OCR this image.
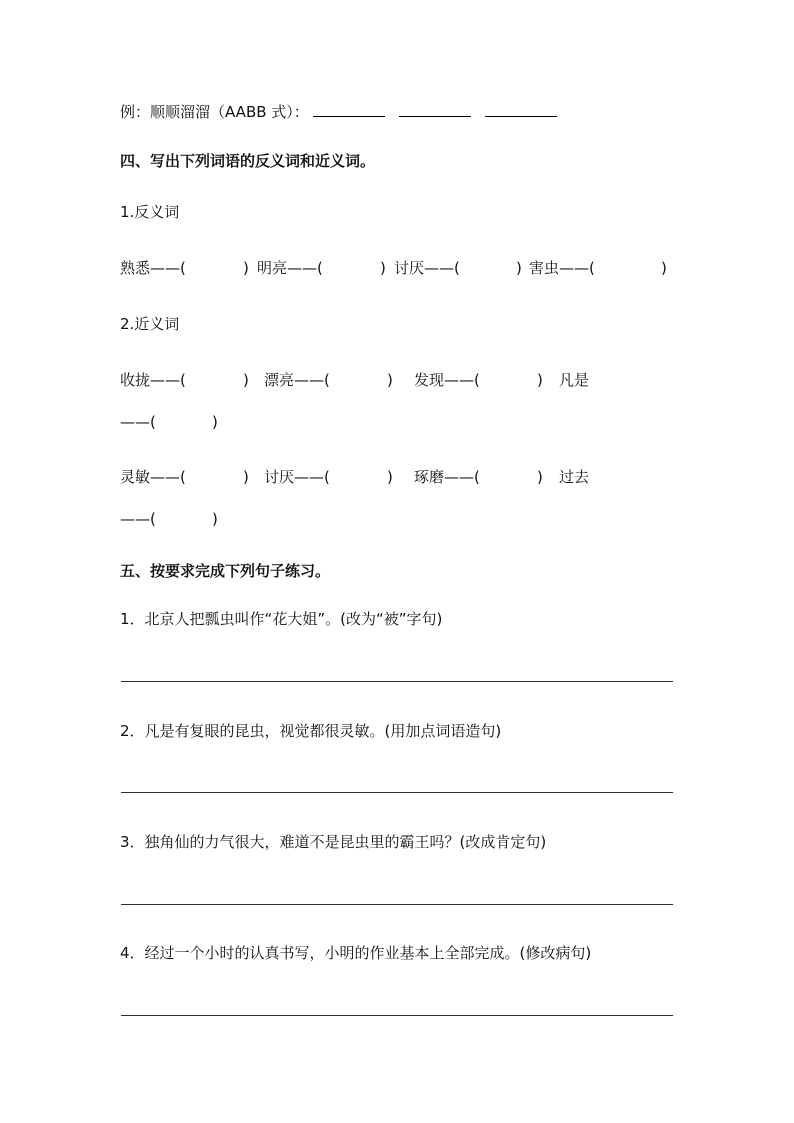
例：顺顺溜溜（AABB 式）：
四、写出下列词语的反义词和近义词。
1.反义词
熟悉——(	) 明亮——(	) 讨厌——(	) 害虫——(	)
2.近义词
收拢——(	) 漂亮——(	) 发现——(	) 凡是
——(	)
灵敏——(	) 讨厌——(	) 琢磨——(	) 过去
——(	)
五、按要求完成下列句子练习。
1．北京人把瓢虫叫作“花大姐”。(改为“被”字句)
2．凡是有复眼的昆虫，视觉都很灵敏。(用加点词语造句)
3．独角仙的力气很大，难道不是昆虫里的霸王吗？(改成肯定句)
4．经过一个小时的认真书写，小明的作业基本上全部完成。(修改病句)
